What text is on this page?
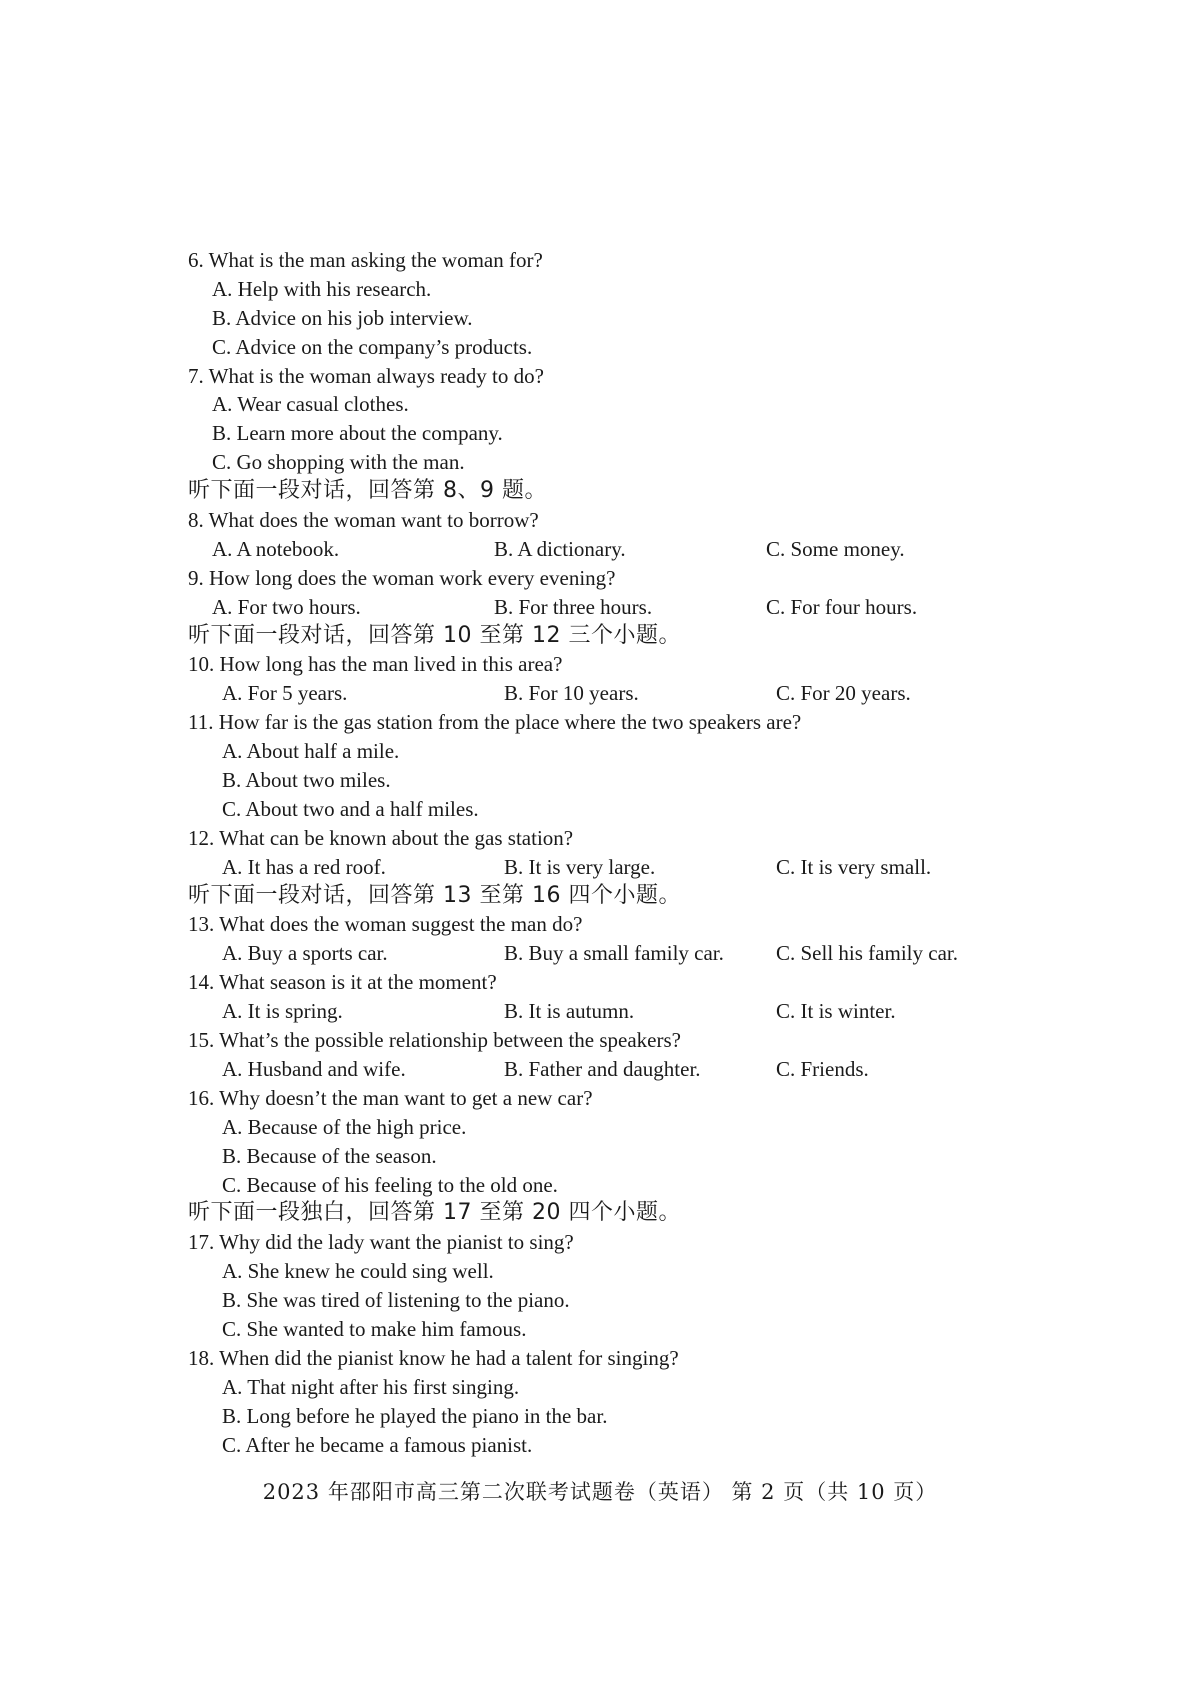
6. What is the man asking the woman for?
A. Help with his research.
B. Advice on his job interview.
C. Advice on the company’s products.
7. What is the woman always ready to do?
A. Wear casual clothes.
B. Learn more about the company.
C. Go shopping with the man.
听下面一段对话，回答第 8、9 题。
8. What does the woman want to borrow?
A. A notebook.	B. A dictionary.	C. Some money.
9. How long does the woman work every evening?
A. For two hours.	B. For three hours.	C. For four hours.
听下面一段对话，回答第 10 至第 12 三个小题。
10. How long has the man lived in this area?
A. For 5 years.	B. For 10 years.	C. For 20 years.
11. How far is the gas station from the place where the two speakers are?
A. About half a mile.
B. About two miles.
C. About two and a half miles.
12. What can be known about the gas station?
A. It has a red roof.	B. It is very large.	C. It is very small.
听下面一段对话，回答第 13 至第 16 四个小题。
13. What does the woman suggest the man do?
A. Buy a sports car.	B. Buy a small family car. C. Sell his family car.
14. What season is it at the moment?
A. It is spring.	B. It is autumn.	C. It is winter.
15. What’s the possible relationship between the speakers?
A. Husband and wife.	B. Father and daughter.	C. Friends.
16. Why doesn’t the man want to get a new car?
A. Because of the high price.
B. Because of the season.
C. Because of his feeling to the old one.
听下面一段独白，回答第 17 至第 20 四个小题。
17. Why did the lady want the pianist to sing?
A. She knew he could sing well.
B. She was tired of listening to the piano.
C. She wanted to make him famous.
18. When did the pianist know he had a talent for singing?
A. That night after his first singing.
B. Long before he played the piano in the bar.
C. After he became a famous pianist.
2023 年邵阳市高三第二次联考试题卷（英语） 第 2 页（共 10 页）
